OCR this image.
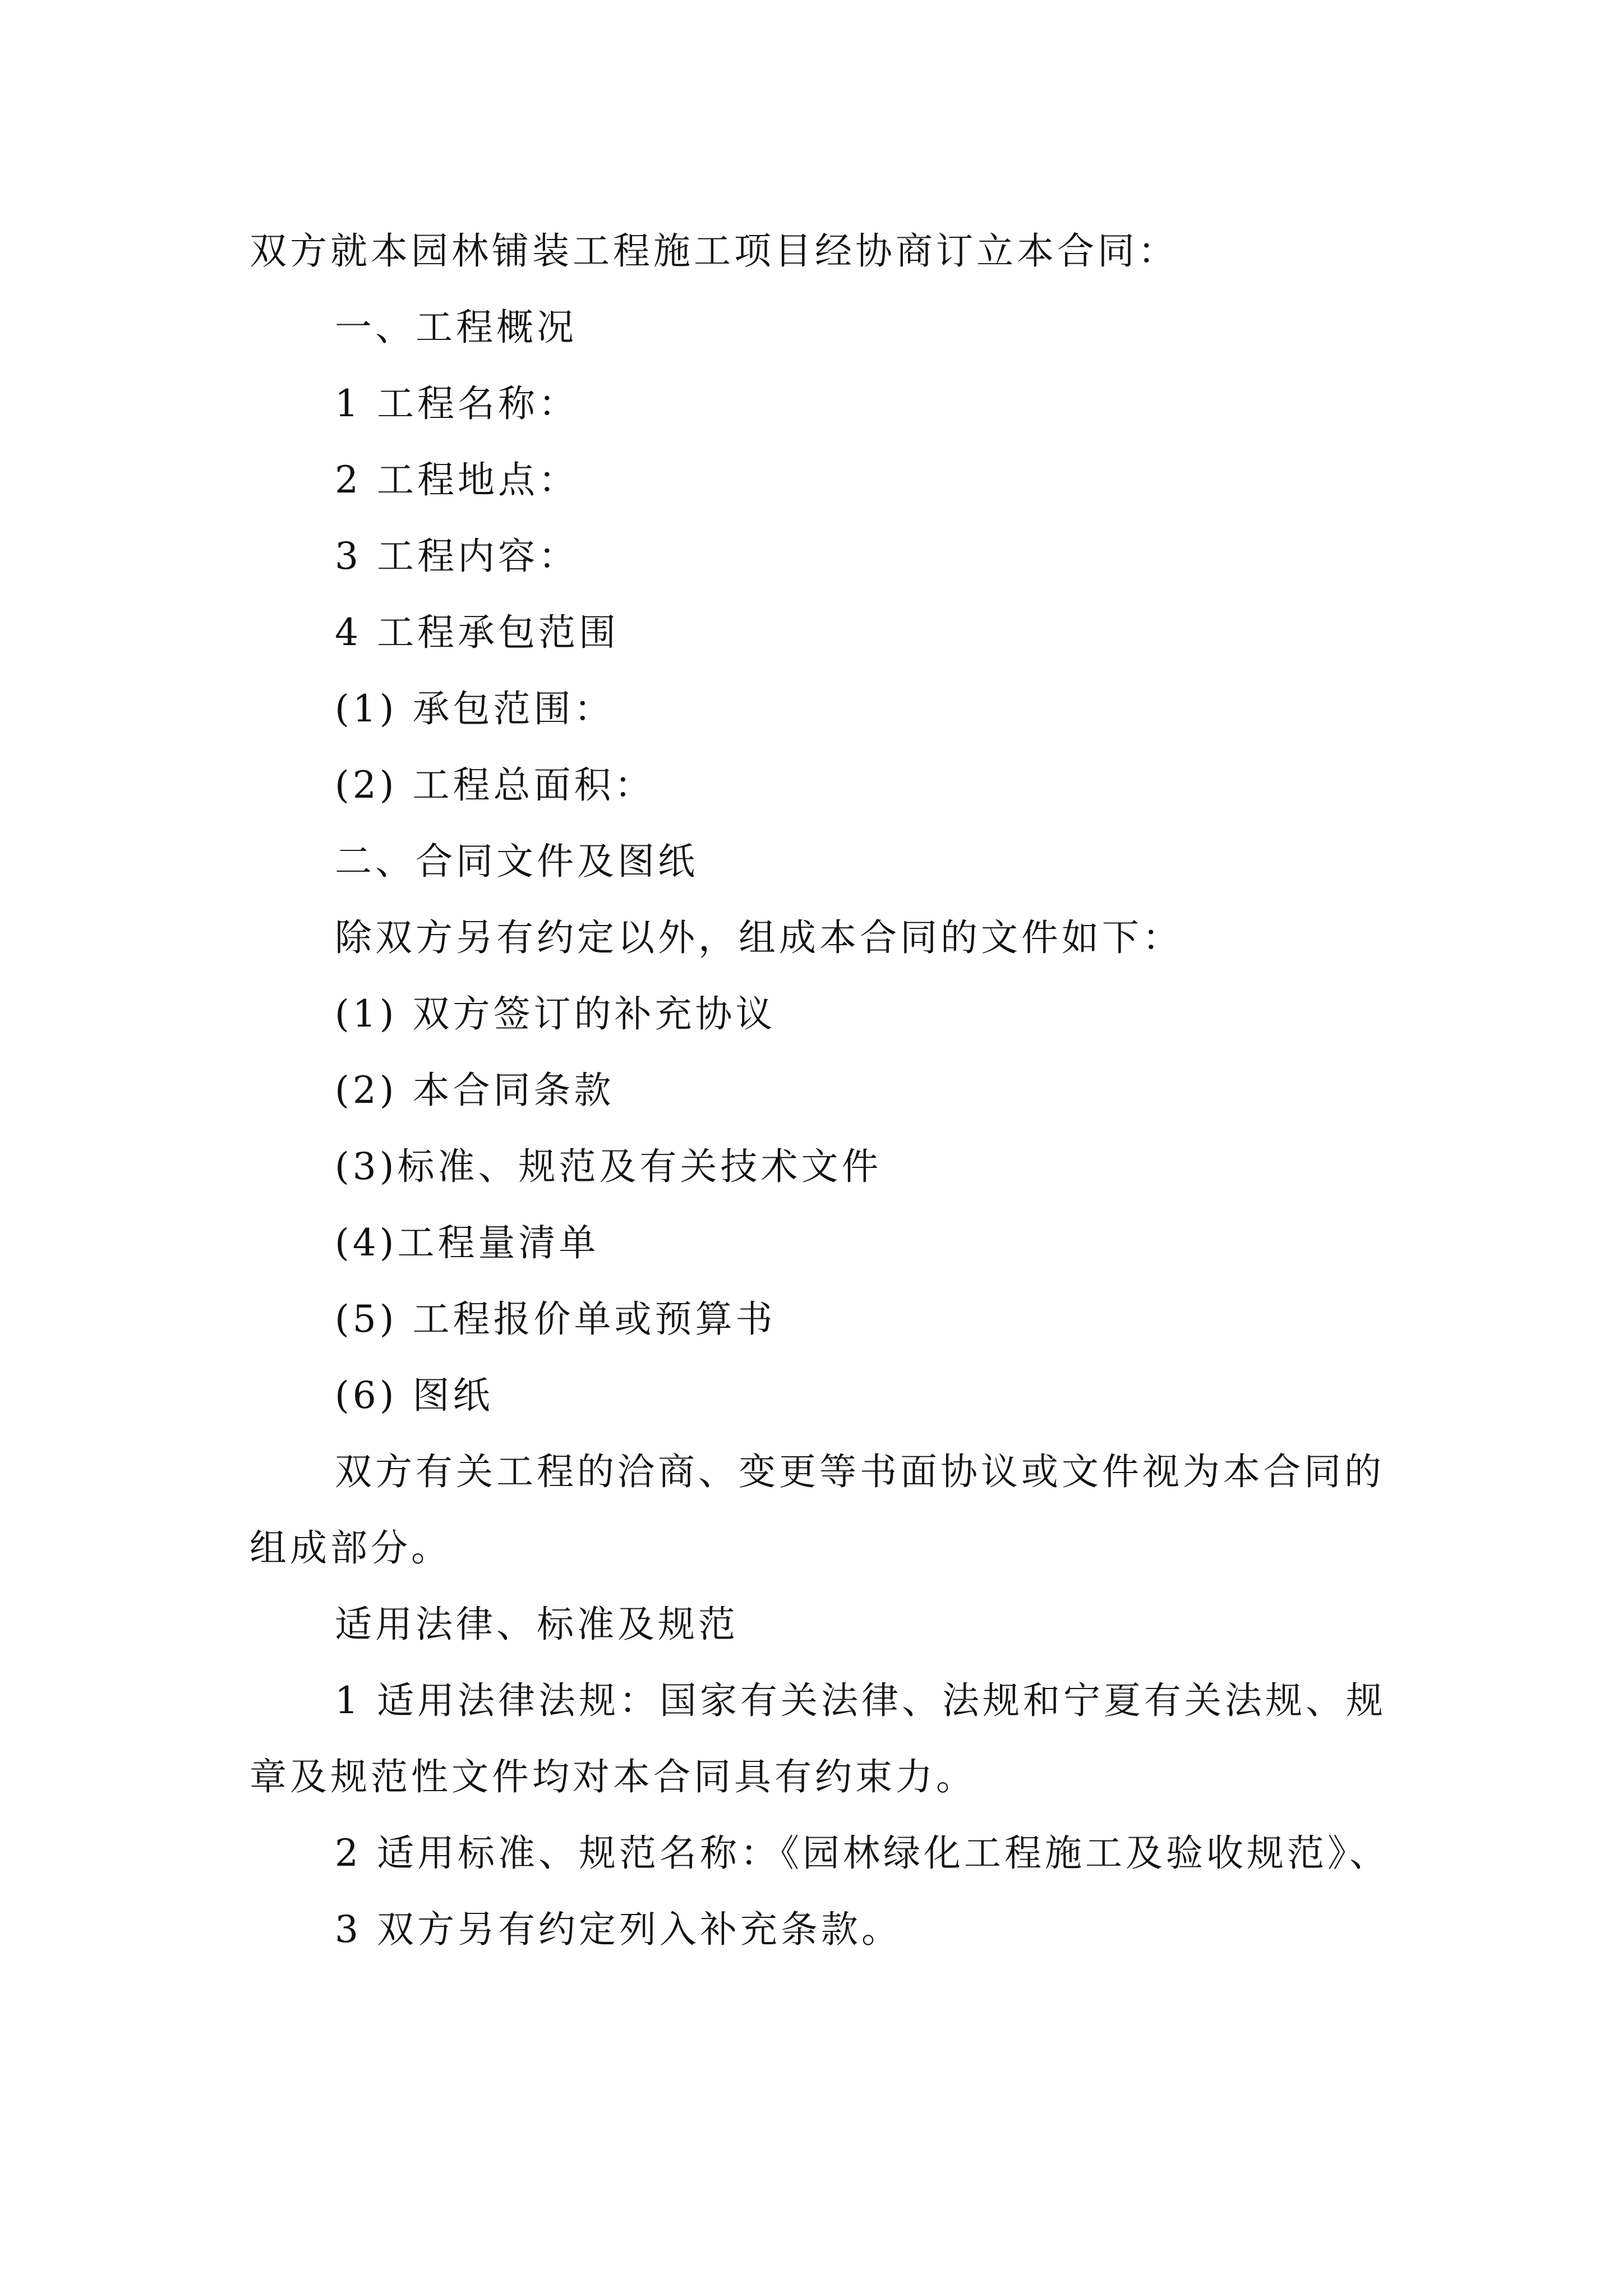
双方就本园林铺装工程施工项目经协商订立本合同：

一、工程概况

1 工程名称：

2 工程地点：

3 工程内容：

4 工程承包范围

(1) 承包范围：

(2) 工程总面积：

二、合同文件及图纸

除双方另有约定以外，组成本合同的文件如下：

(1) 双方签订的补充协议

(2) 本合同条款

(3)标准、规范及有关技术文件

(4)工程量清单

(5) 工程报价单或预算书

(6) 图纸

双方有关工程的洽商、变更等书面协议或文件视为本合同的组成部分。

适用法律、标准及规范

1 适用法律法规：国家有关法律、法规和宁夏有关法规、规章及规范性文件均对本合同具有约束力。

2 适用标准、规范名称：《园林绿化工程施工及验收规范》、

3 双方另有约定列入补充条款。
